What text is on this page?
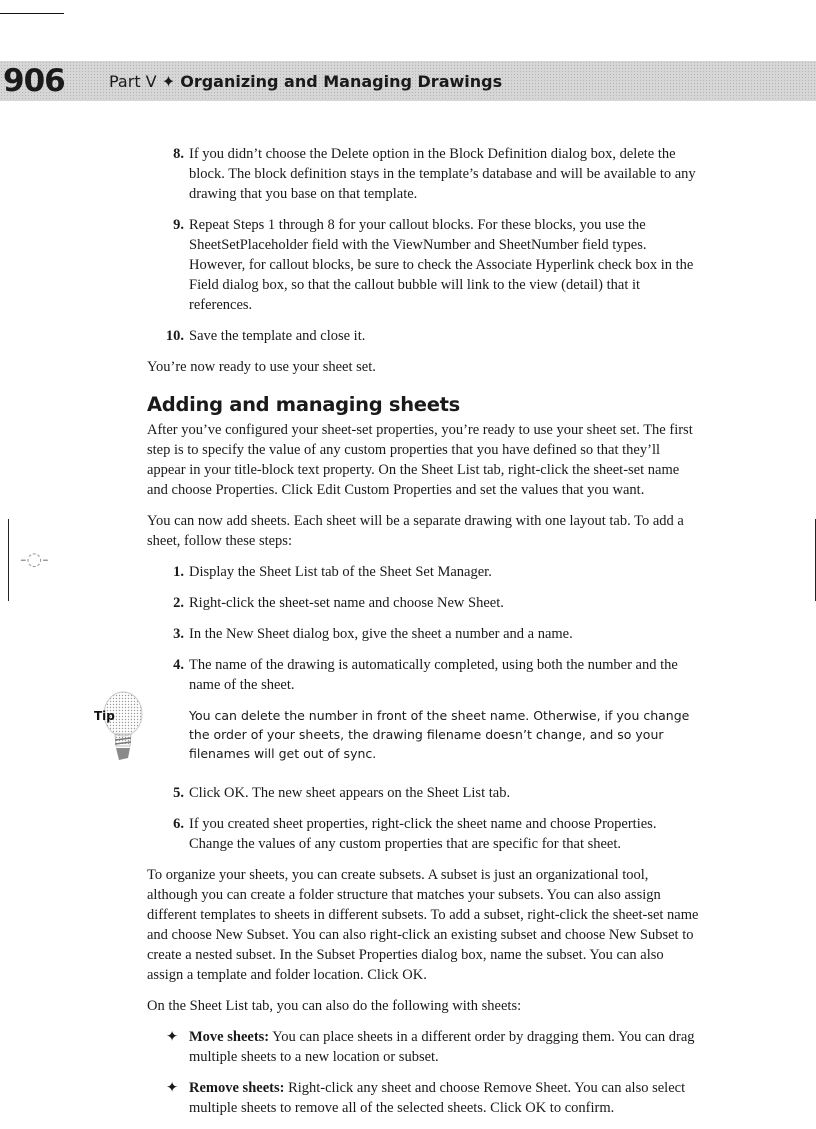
906	Part V ✦ Organizing and Managing Drawings
-◌-
8. If you didn’t choose the Delete option in the Block Definition dialog box, delete the block. The block definition stays in the template’s database and will be available to any drawing that you base on that template.
9. Repeat Steps 1 through 8 for your callout blocks. For these blocks, you use the SheetSetPlaceholder field with the ViewNumber and SheetNumber field types. However, for callout blocks, be sure to check the Associate Hyperlink check box in the Field dialog box, so that the callout bubble will link to the view (detail) that it references.
10. Save the template and close it.

You’re now ready to use your sheet set.

Adding and managing sheets

After you’ve configured your sheet-set properties, you’re ready to use your sheet set. The first step is to specify the value of any custom properties that you have defined so that they’ll appear in your title-block text property. On the Sheet List tab, right-click the sheet-set name and choose Properties. Click Edit Custom Properties and set the values that you want.

You can now add sheets. Each sheet will be a separate drawing with one layout tab. To add a sheet, follow these steps:

1. Display the Sheet List tab of the Sheet Set Manager.
2. Right-click the sheet-set name and choose New Sheet.
3. In the New Sheet dialog box, give the sheet a number and a name.
4. The name of the drawing is automatically completed, using both the number and the name of the sheet.
Tip	You can delete the number in front of the sheet name. Otherwise, if you change the order of your sheets, the drawing filename doesn’t change, and so your filenames will get out of sync.
5. Click OK. The new sheet appears on the Sheet List tab.
6. If you created sheet properties, right-click the sheet name and choose Properties. Change the values of any custom properties that are specific for that sheet.

To organize your sheets, you can create subsets. A subset is just an organizational tool, although you can create a folder structure that matches your subsets. You can also assign different templates to sheets in different subsets. To add a subset, right-click the sheet-set name and choose New Subset. You can also right-click an existing subset and choose New Subset to create a nested subset. In the Subset Properties dialog box, name the subset. You can also assign a template and folder location. Click OK.

On the Sheet List tab, you can also do the following with sheets:

✦ Move sheets: You can place sheets in a different order by dragging them. You can drag multiple sheets to a new location or subset.
✦ Remove sheets: Right-click any sheet and choose Remove Sheet. You can also select multiple sheets to remove all of the selected sheets. Click OK to confirm.
